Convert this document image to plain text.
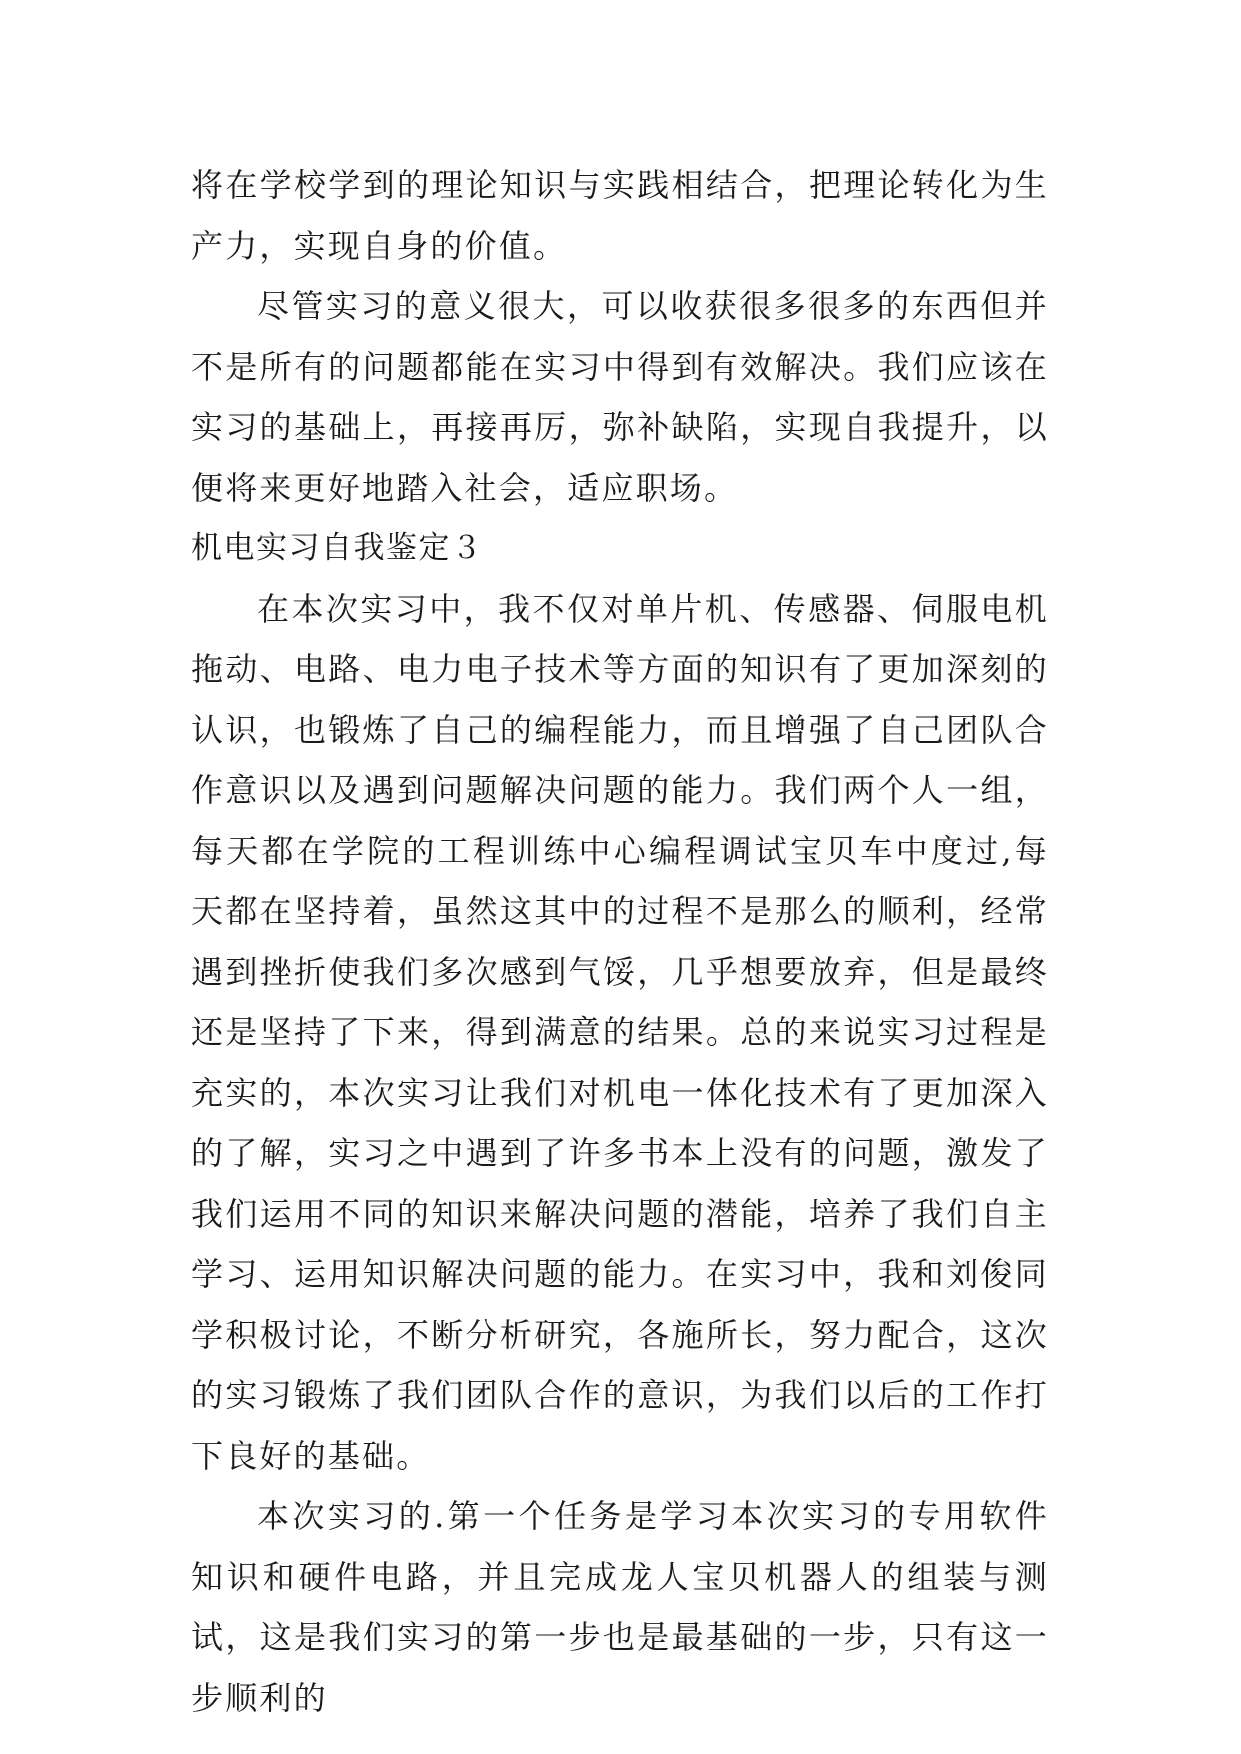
将在学校学到的理论知识与实践相结合，把理论转化为生产力，实现自身的价值。

尽管实习的意义很大，可以收获很多很多的东西但并不是所有的问题都能在实习中得到有效解决。我们应该在实习的基础上，再接再厉，弥补缺陷，实现自我提升，以便将来更好地踏入社会，适应职场。

机电实习自我鉴定３

在本次实习中，我不仅对单片机、传感器、伺服电机拖动、电路、电力电子技术等方面的知识有了更加深刻的认识，也锻炼了自己的编程能力，而且增强了自己团队合作意识以及遇到问题解决问题的能力。我们两个人一组，每天都在学院的工程训练中心编程调试宝贝车中度过,每天都在坚持着，虽然这其中的过程不是那么的顺利，经常遇到挫折使我们多次感到气馁，几乎想要放弃，但是最终还是坚持了下来，得到满意的结果。总的来说实习过程是充实的，本次实习让我们对机电一体化技术有了更加深入的了解，实习之中遇到了许多书本上没有的问题，激发了我们运用不同的知识来解决问题的潜能，培养了我们自主学习、运用知识解决问题的能力。在实习中，我和刘俊同学积极讨论，不断分析研究，各施所长，努力配合，这次的实习锻炼了我们团队合作的意识，为我们以后的工作打下良好的基础。

本次实习的.第一个任务是学习本次实习的专用软件知识和硬件电路，并且完成龙人宝贝机器人的组装与测试，这是我们实习的第一步也是最基础的一步，只有这一步顺利的
